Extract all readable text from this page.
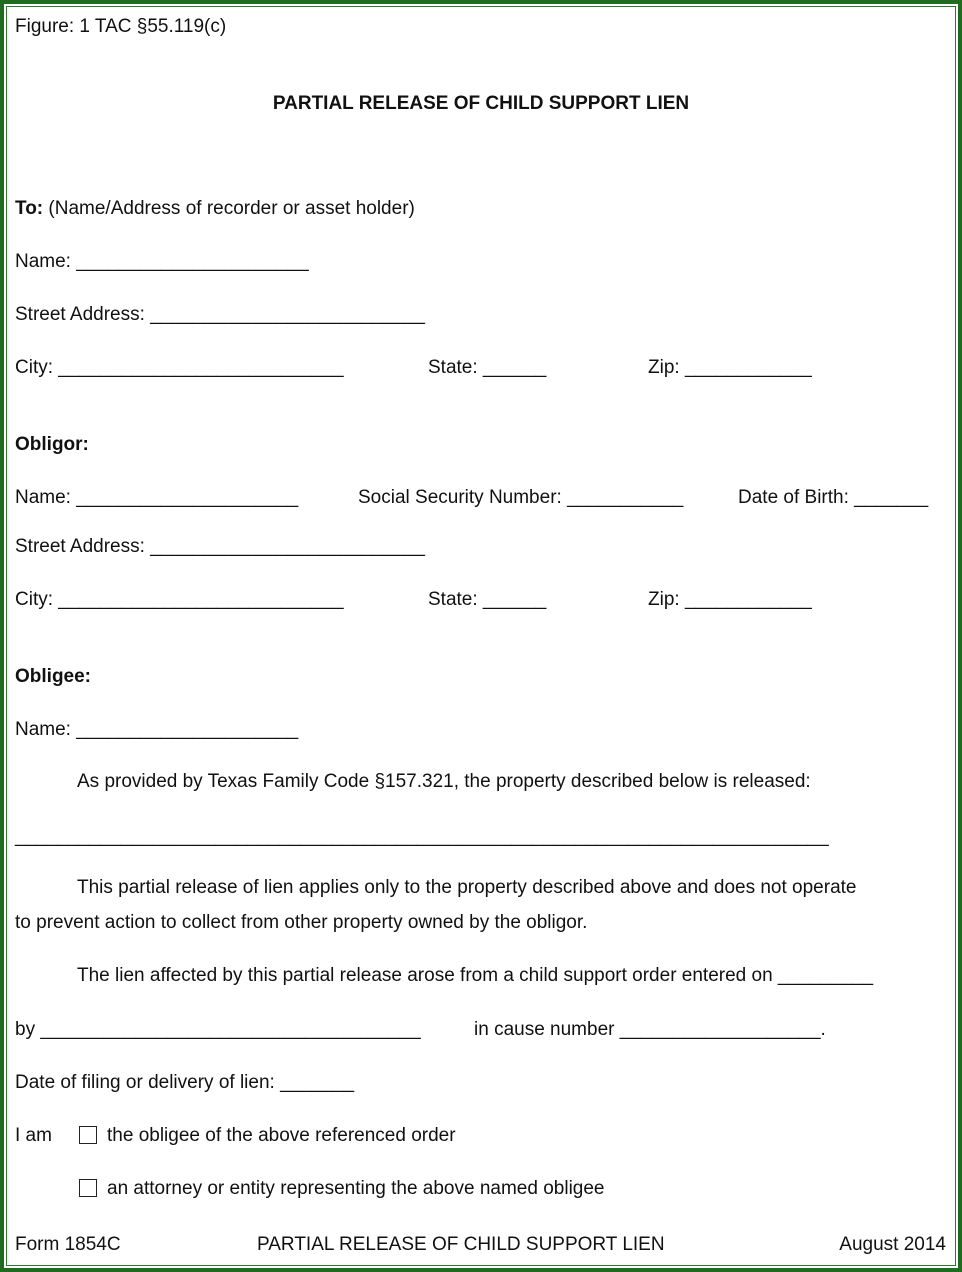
Figure: 1 TAC §55.119(c)
PARTIAL RELEASE OF CHILD SUPPORT LIEN
To: (Name/Address of recorder or asset holder)
Name: ______________________
Street Address: __________________________
City: ___________________________	State: ______	Zip: ____________
Obligor:
Name: _____________________	Social Security Number: ___________	Date of Birth: _______
Street Address: __________________________
City: ___________________________	State: ______	Zip: ____________
Obligee:
Name: _____________________
As provided by Texas Family Code §157.321, the property described below is released:
_____________________________________________________________________________
This partial release of lien applies only to the property described above and does not operate
to prevent action to collect from other property owned by the obligor.
The lien affected by this partial release arose from a child support order entered on _________
by ____________________________________	in cause number ___________________.
Date of filing or delivery of lien: _______
I am	the obligee of the above referenced order
an attorney or entity representing the above named obligee
Form 1854C	PARTIAL RELEASE OF CHILD SUPPORT LIEN	August 2014
